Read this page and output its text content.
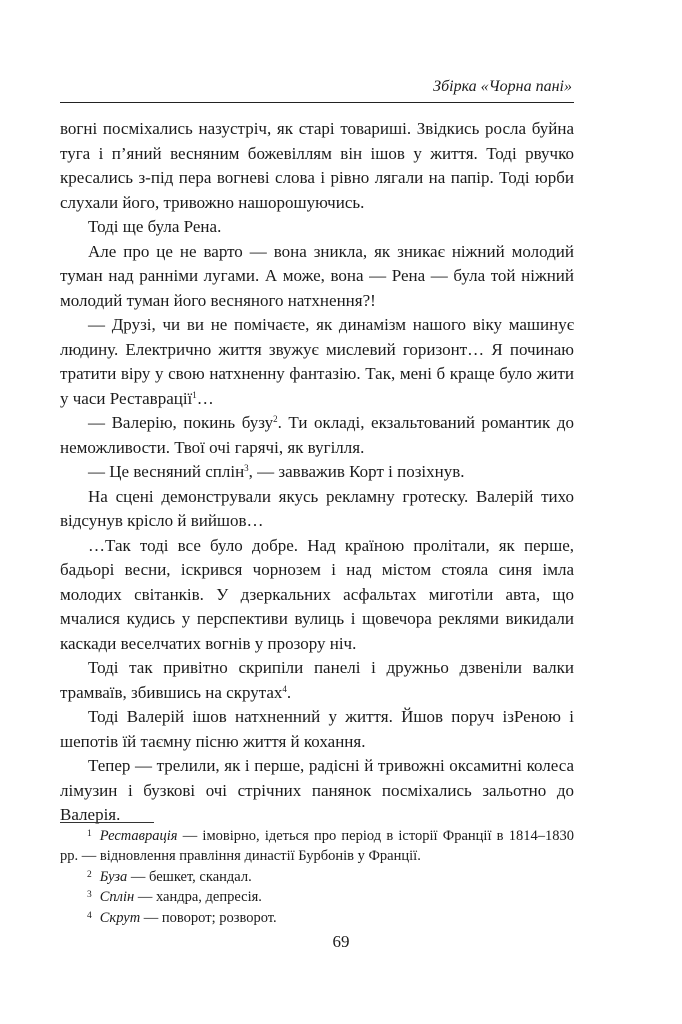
Збірка «Чорна пані»

вогні посміхались назустріч, як старі товариші. Звідкись росла буйна туга і п’яний весняним божевіллям він ішов у життя. Тоді рвучко кресались з-під пера вогневі слова і рівно лягали на папір. Тоді юрби слухали його, тривожно нашорошуючись.

Тоді ще була Рена.

Але про це не варто — вона зникла, як зникає ніжний молодий туман над ранніми лугами. А може, вона — Рена — була той ніжний молодий туман його весняного натхнення?!

— Друзі, чи ви не помічаєте, як динамізм нашого віку машинує людину. Електрично життя звужує мислевий горизонт… Я починаю тратити віру у свою натхненну фантазію. Так, мені б краще було жити у часи Реставрації$^1$…

— Валерію, покинь бузу$^2$. Ти окладі, екзальтований романтик до неможливости. Твої очі гарячі, як вугілля.

— Це весняний сплін$^3$, — завважив Корт і позіхнув.

На сцені демонстрували якусь рекламну гротеску. Валерій тихо відсунув крісло й вийшов…

…Так тоді все було добре. Над країною пролітали, як перше, бадьорі весни, іскрився чорнозем і над містом стояла синя імла молодих світанків. У дзеркальних асфальтах миготіли авта, що мчалися кудись у перспективи вулиць і щовечора реклями викидали каскади веселчатих вогнів у прозору ніч.

Тоді так привітно скрипіли панелі і дружньо дзвеніли валки трамваїв, збившись на скрутах$^4$.

Тоді Валерій ішов натхненний у життя. Йшов поруч ізРеною і шепотів їй таємну пісню життя й кохання.

Тепер — трелили, як і перше, радісні й тривожні оксамитні колеса лімузин і бузкові очі стрічних панянок посміхались зальотно до Валерія.

$^1$ Реставрація — імовірно, ідеться про період в історії Франції в 1814–1830 рр. — відновлення правління династії Бурбонів у Франції.

$^2$ Буза — бешкет, скандал.

$^3$ Сплін — хандра, депресія.

$^4$ Скрут — поворот; розворот.

69
